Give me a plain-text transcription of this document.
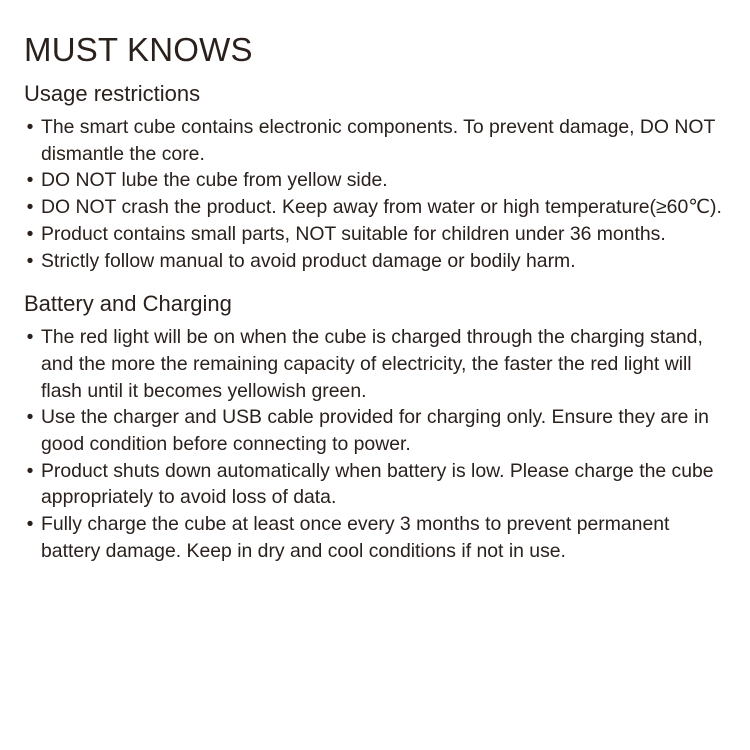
MUST KNOWS
Usage restrictions
• The smart cube contains electronic components. To prevent damage, DO NOT dismantle the core.
• DO NOT lube the cube from yellow side.
• DO NOT crash the product. Keep away from water or high temperature(≥60℃).
• Product contains small parts, NOT suitable for children under 36 months.
• Strictly follow manual to avoid product damage or bodily harm.
Battery and Charging
• The red light will be on when the cube is charged through the charging stand, and the more the remaining capacity of electricity, the faster the red light will flash until it becomes yellowish green.
• Use the charger and USB cable provided for charging only. Ensure they are in good condition before connecting to power.
• Product shuts down automatically when battery is low. Please charge the cube appropriately to avoid loss of data.
• Fully charge the cube at least once every 3 months to prevent permanent battery damage. Keep in dry and cool conditions if not in use.
